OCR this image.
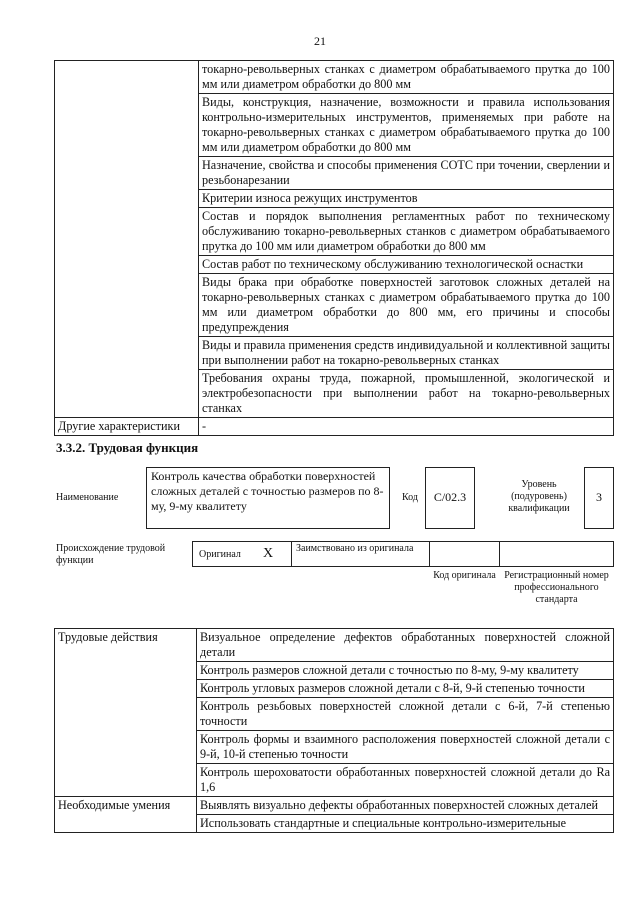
21
	токарно-револьверных станках с диаметром обрабатываемого прутка до 100 мм или диаметром обработки до 800 мм
	Виды, конструкция, назначение, возможности и правила использования контрольно-измерительных инструментов, применяемых при работе на токарно-револьверных станках с диаметром обрабатываемого прутка до 100 мм или диаметром обработки до 800 мм
	Назначение, свойства и способы применения СОТС при точении, сверлении и резьбонарезании
	Критерии износа режущих инструментов
	Состав и порядок выполнения регламентных работ по техническому обслуживанию токарно-револьверных станков с диаметром обрабатываемого прутка до 100 мм или диаметром обработки до 800 мм
	Состав работ по техническому обслуживанию технологической оснастки
	Виды брака при обработке поверхностей заготовок сложных деталей на токарно-револьверных станках с диаметром обрабатываемого прутка до 100 мм или диаметром обработки до 800 мм, его причины и способы предупреждения
	Виды и правила применения средств индивидуальной и коллективной защиты при выполнении работ на токарно-револьверных станках
	Требования охраны труда, пожарной, промышленной, экологической и электробезопасности при выполнении работ на токарно-револьверных станках
Другие характеристики	-
3.3.2. Трудовая функция
Наименование
Контроль качества обработки поверхностей сложных деталей с точностью размеров по 8-му, 9-му квалитету
Код	С/02.3
Уровень (подуровень) квалификации
3
Происхождение трудовой функции
Оригинал X Заимствовано из оригинала
Код оригинала Регистрационный номер профессионального стандарта
Трудовые действия	Визуальное определение дефектов обработанных поверхностей сложной детали
	Контроль размеров сложной детали с точностью по 8-му, 9-му квалитету
	Контроль угловых размеров сложной детали с 8-й, 9-й степенью точности
	Контроль резьбовых поверхностей сложной детали с 6-й, 7-й степенью точности
	Контроль формы и взаимного расположения поверхностей сложной детали с 9-й, 10-й степенью точности
	Контроль шероховатости обработанных поверхностей сложной детали до Ra 1,6
Необходимые умения	Выявлять визуально дефекты обработанных поверхностей сложных деталей
	Использовать стандартные и специальные контрольно-измерительные
